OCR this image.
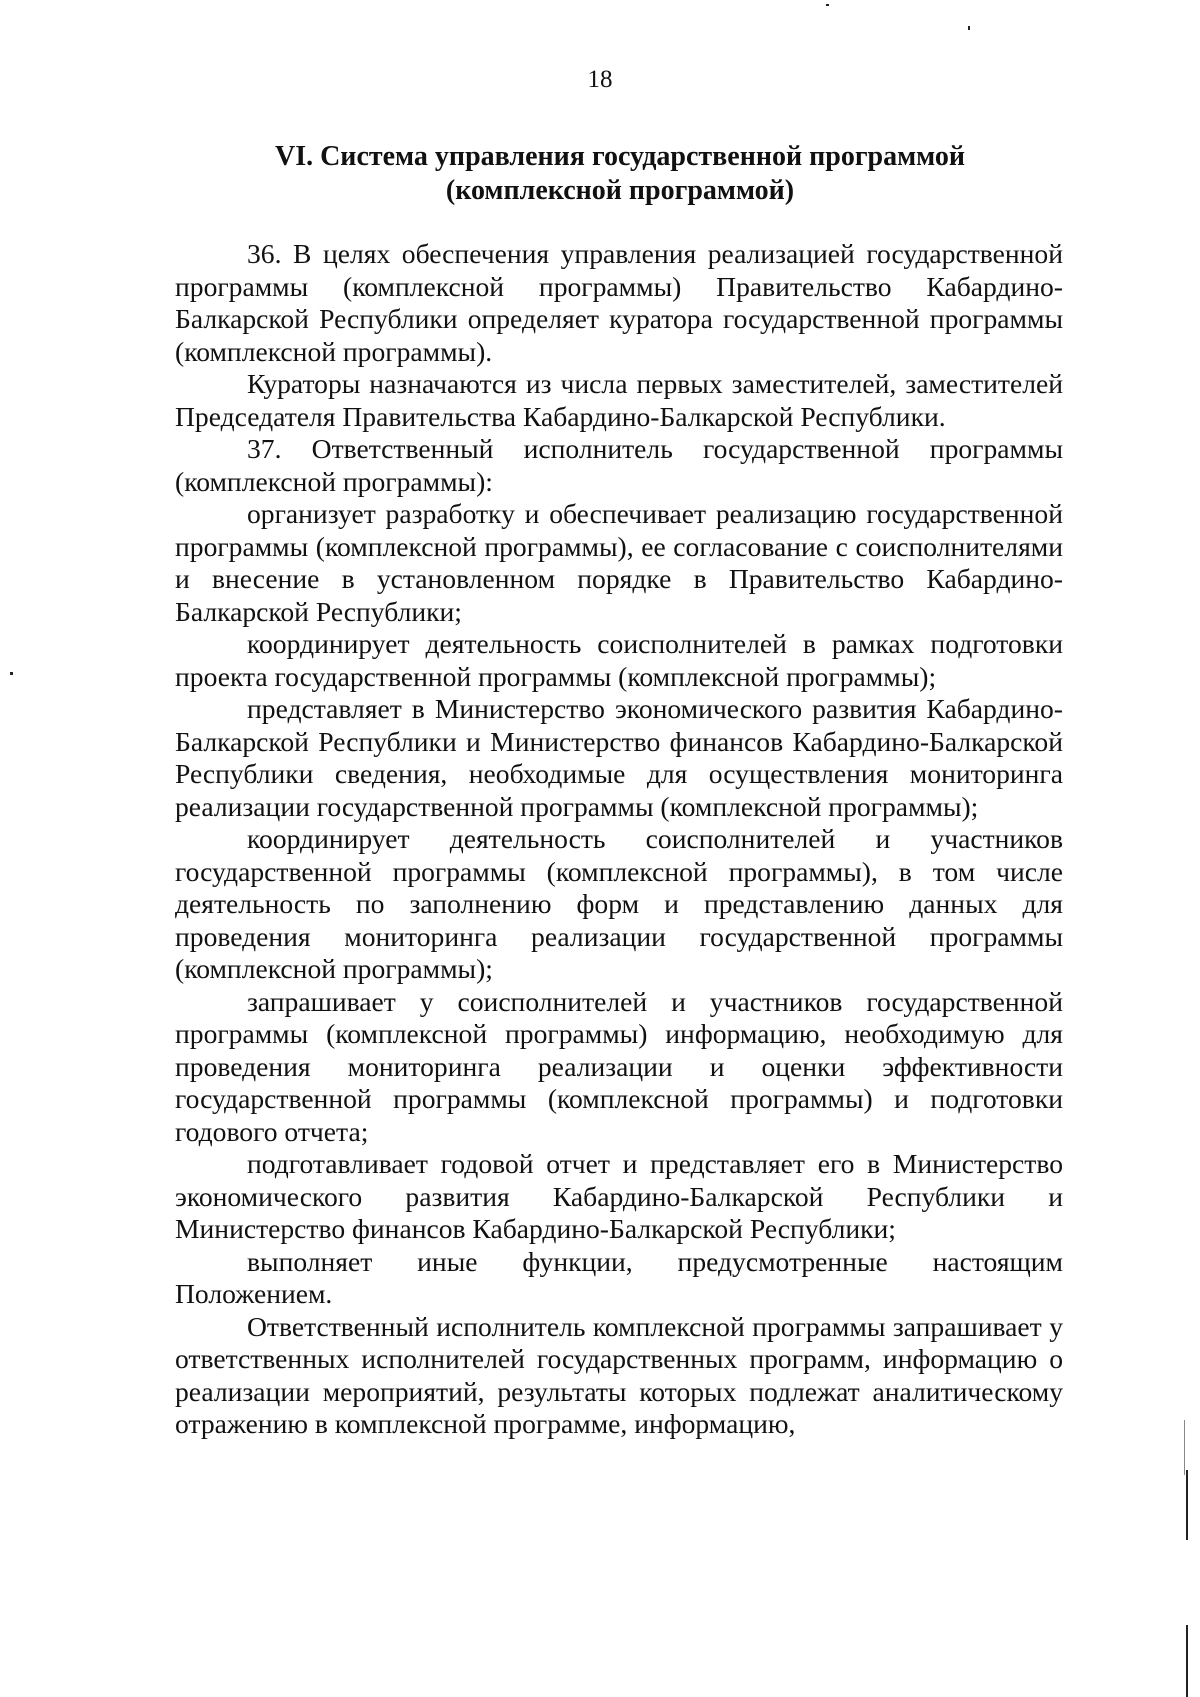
18
VI. Система управления государственной программой
(комплексной программой)

36. В целях обеспечения управления реализацией государственной программы (комплексной программы) Правительство Кабардино-Балкарской Республики определяет куратора государственной программы (комплексной программы).

Кураторы назначаются из числа первых заместителей, заместителей Председателя Правительства Кабардино-Балкарской Республики.

37. Ответственный исполнитель государственной программы (комплексной программы):

организует разработку и обеспечивает реализацию государственной программы (комплексной программы), ее согласование с соисполнителями и внесение в установленном порядке в Правительство Кабардино-Балкарской Республики;

координирует деятельность соисполнителей в рамках подготовки проекта государственной программы (комплексной программы);

представляет в Министерство экономического развития Кабардино-Балкарской Республики и Министерство финансов Кабардино-Балкарской Республики сведения, необходимые для осуществления мониторинга реализации государственной программы (комплексной программы);

координирует деятельность соисполнителей и участников государственной программы (комплексной программы), в том числе деятельность по заполнению форм и представлению данных для проведения мониторинга реализации государственной программы (комплексной программы);

запрашивает у соисполнителей и участников государственной программы (комплексной программы) информацию, необходимую для проведения мониторинга реализации и оценки эффективности государственной программы (комплексной программы) и подготовки годового отчета;

подготавливает годовой отчет и представляет его в Министерство экономического развития Кабардино-Балкарской Республики и Министерство финансов Кабардино-Балкарской Республики;

выполняет иные функции, предусмотренные настоящим Положением.

Ответственный исполнитель комплексной программы запрашивает у ответственных исполнителей государственных программ, информацию о реализации мероприятий, результаты которых подлежат аналитическому отражению в комплексной программе, информацию,
